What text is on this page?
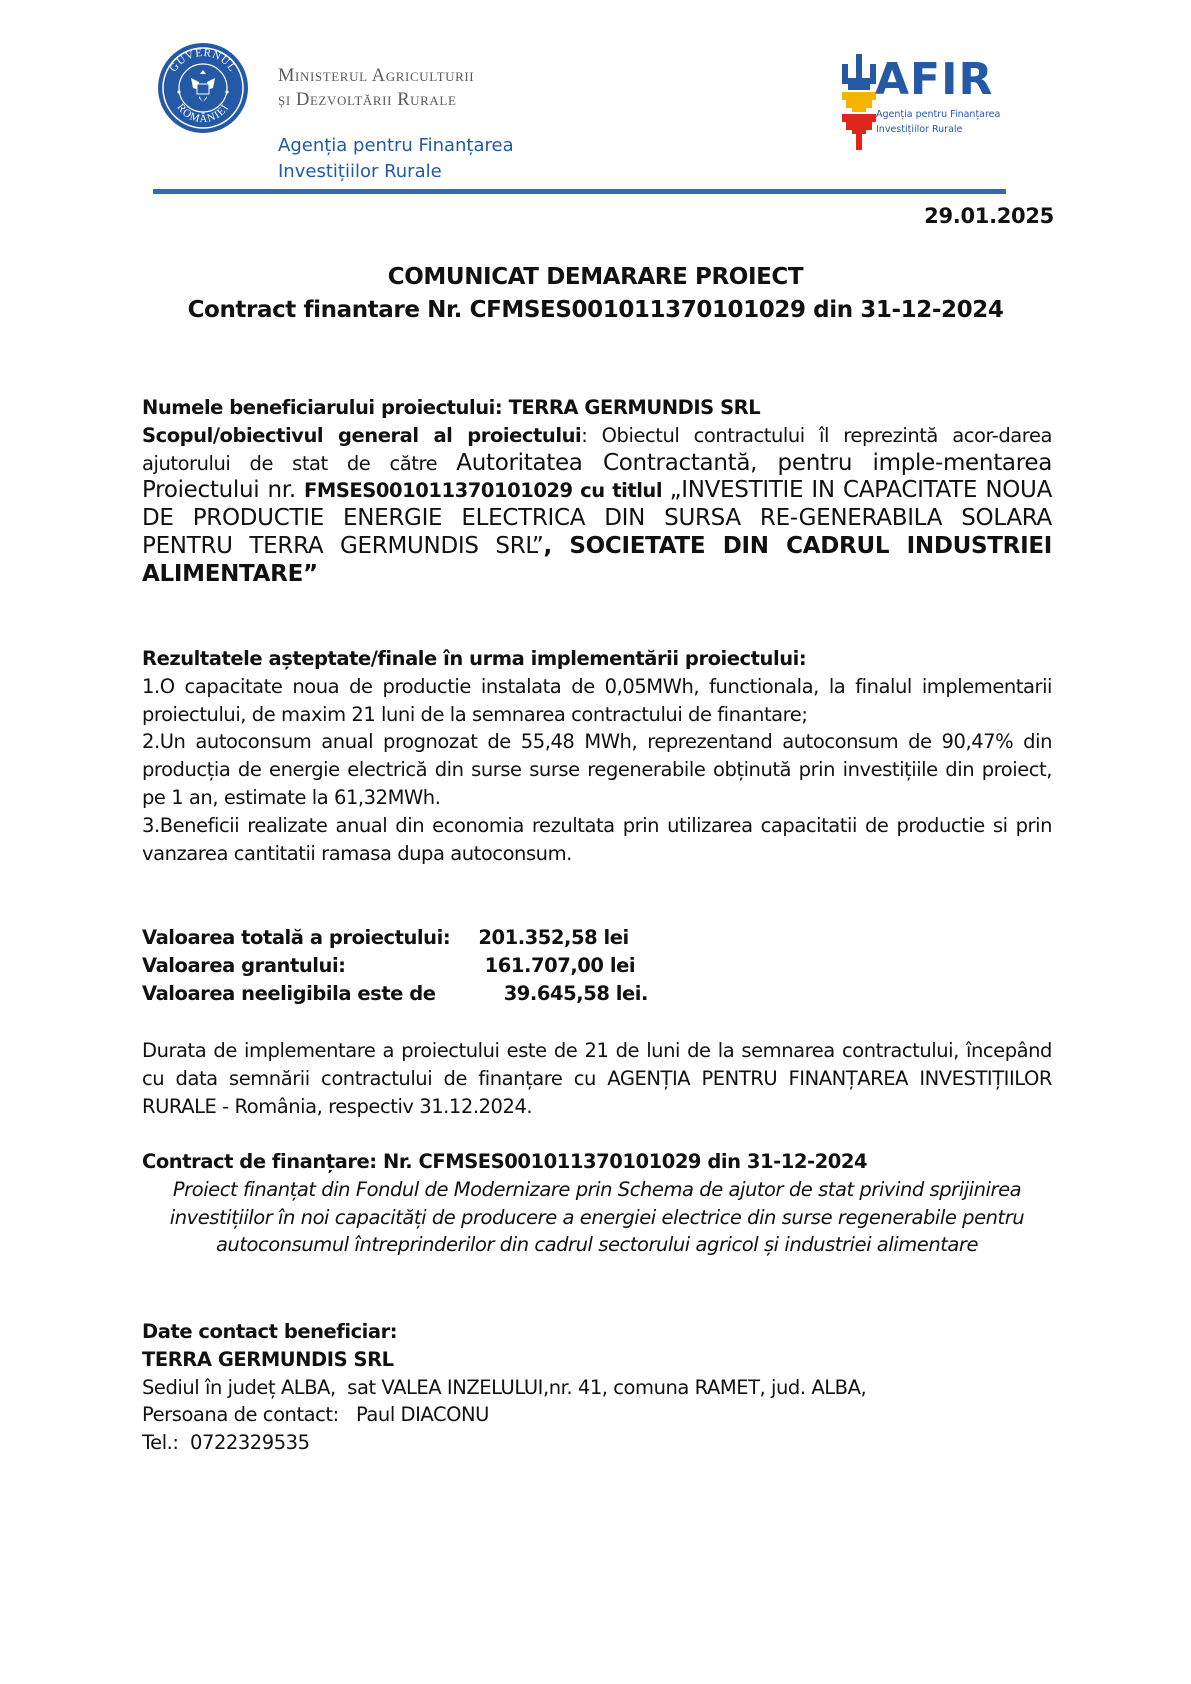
GUVERNUL
ROMÂNIEI
Ministerul Agriculturii
și Dezvoltării Rurale
Agenția pentru Finanțarea
Investițiilor Rurale
AFIR
Agenția pentru Finanțarea
Investițiilor Rurale
29.01.2025
COMUNICAT DEMARARE PROIECT
Contract finantare Nr. CFMSES001011370101029 din 31-12-2024

Numele beneficiarului proiectului: TERRA GERMUNDIS SRL

Scopul/obiectivul general al proiectului: Obiectul contractului îl reprezintă acor-darea ajutorului de stat de către Autoritatea Contractantă, pentru imple-mentarea Proiectului nr. FMSES001011370101029 cu titlul „INVESTITIE IN CAPACITATE NOUA DE PRODUCTIE ENERGIE ELECTRICA DIN SURSA RE-GENERABILA SOLARA PENTRU TERRA GERMUNDIS SRL”, SOCIETATE DIN CADRUL INDUSTRIEI ALIMENTARE”

Rezultatele așteptate/finale în urma implementării proiectului:

1.O capacitate noua de productie instalata de 0,05MWh, functionala, la finalul implementarii proiectului, de maxim 21 luni de la semnarea contractului de finantare;

2.Un autoconsum anual prognozat de 55,48 MWh, reprezentand autoconsum de 90,47% din producția de energie electrică din surse surse regenerabile obținută prin investițiile din proiect, pe 1 an, estimate la 61,32MWh.

3.Beneficii realizate anual din economia rezultata prin utilizarea capacitatii de productie si prin vanzarea cantitatii ramasa dupa autoconsum.

Valoarea totală a proiectului:	201.352,58 lei
Valoarea grantului:	161.707,00 lei
Valoarea neeligibila este de	39.645,58 lei.

Durata de implementare a proiectului este de 21 de luni de la semnarea contractului, începând cu data semnării contractului de finanțare cu AGENȚIA PENTRU FINANȚAREA INVESTIȚIILOR RURALE - România, respectiv 31.12.2024.

Contract de finanțare: Nr. CFMSES001011370101029 din 31-12-2024

Proiect finanțat din Fondul de Modernizare prin Schema de ajutor de stat privind sprijinirea investițiilor în noi capacități de producere a energiei electrice din surse regenerabile pentru autoconsumul întreprinderilor din cadrul sectorului agricol și industriei alimentare

Date contact beneficiar:

TERRA GERMUNDIS SRL

Sediul în județ ALBA,  sat VALEA INZELULUI,nr. 41, comuna RAMET, jud. ALBA,

Persoana de contact:   Paul DIACONU

Tel.:  0722329535
